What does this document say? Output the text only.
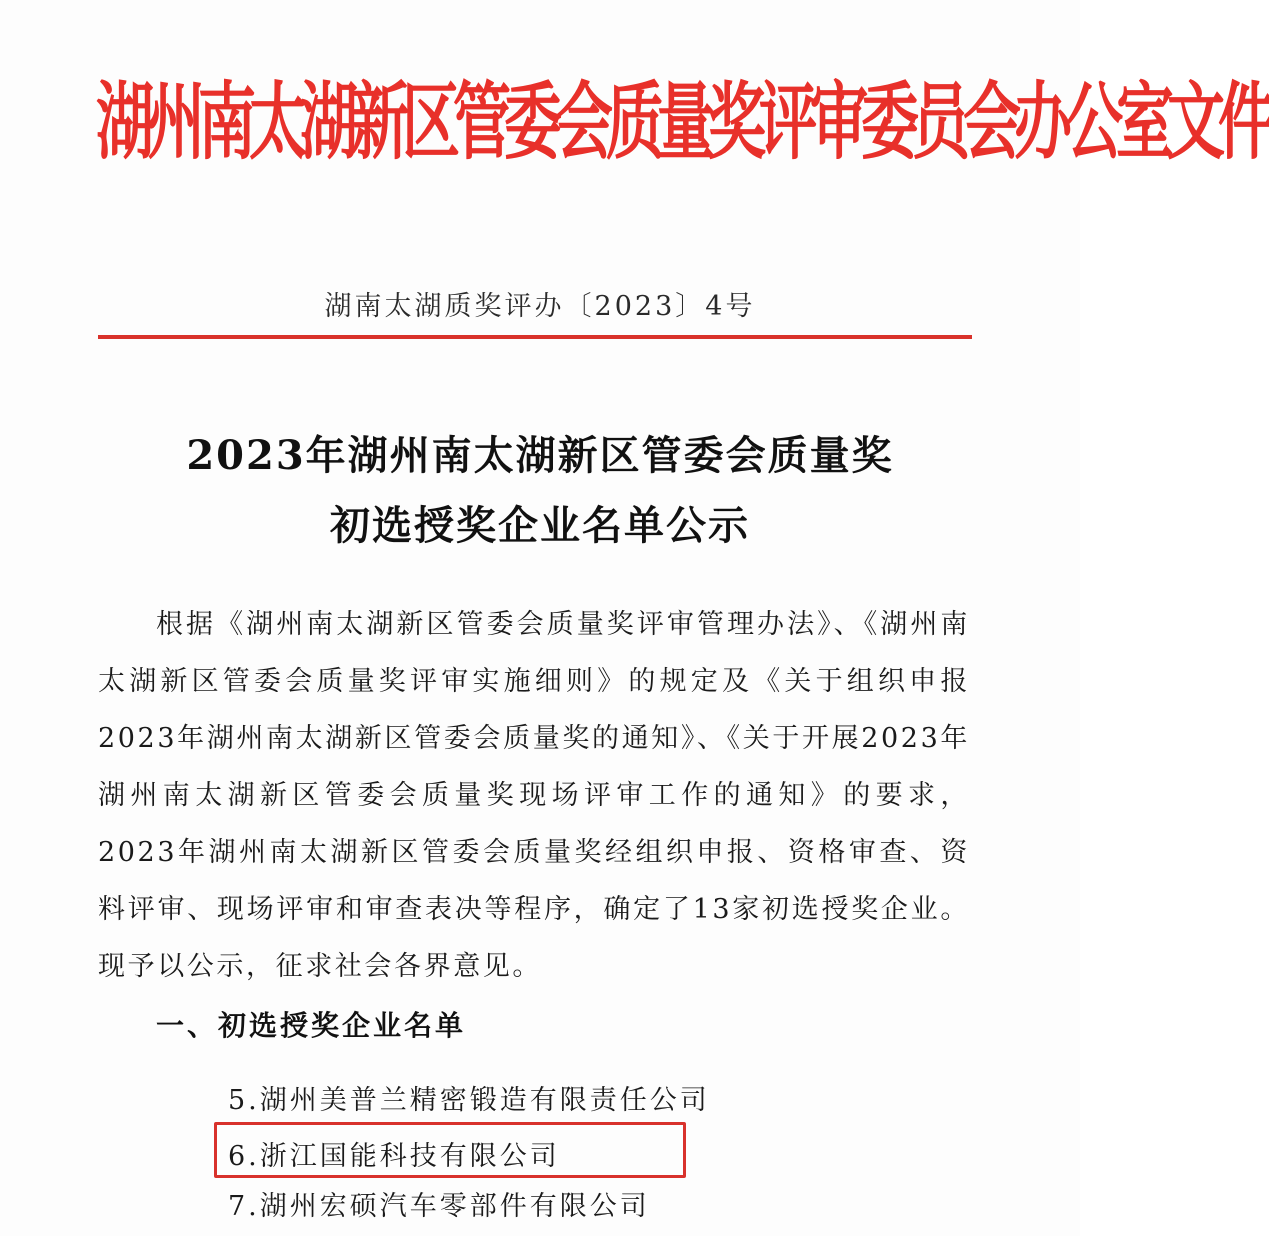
湖州南太湖新区管委会质量奖评审委员会办公室文件
湖南太湖质奖评办〔2023〕4号
2023年湖州南太湖新区管委会质量奖
初选授奖企业名单公示

根据《湖州南太湖新区管委会质量奖评审管理办法》、《湖州南太湖新区管委会质量奖评审实施细则》的规定及《关于组织申报2023年湖州南太湖新区管委会质量奖的通知》、《关于开展2023年湖州南太湖新区管委会质量奖现场评审工作的通知》的要求，2023年湖州南太湖新区管委会质量奖经组织申报、资格审查、资料评审、现场评审和审查表决等程序，确定了13家初选授奖企业。现予以公示，征求社会各界意见。

一、初选授奖企业名单
5.湖州美普兰精密锻造有限责任公司
6.浙江国能科技有限公司
7.湖州宏硕汽车零部件有限公司
